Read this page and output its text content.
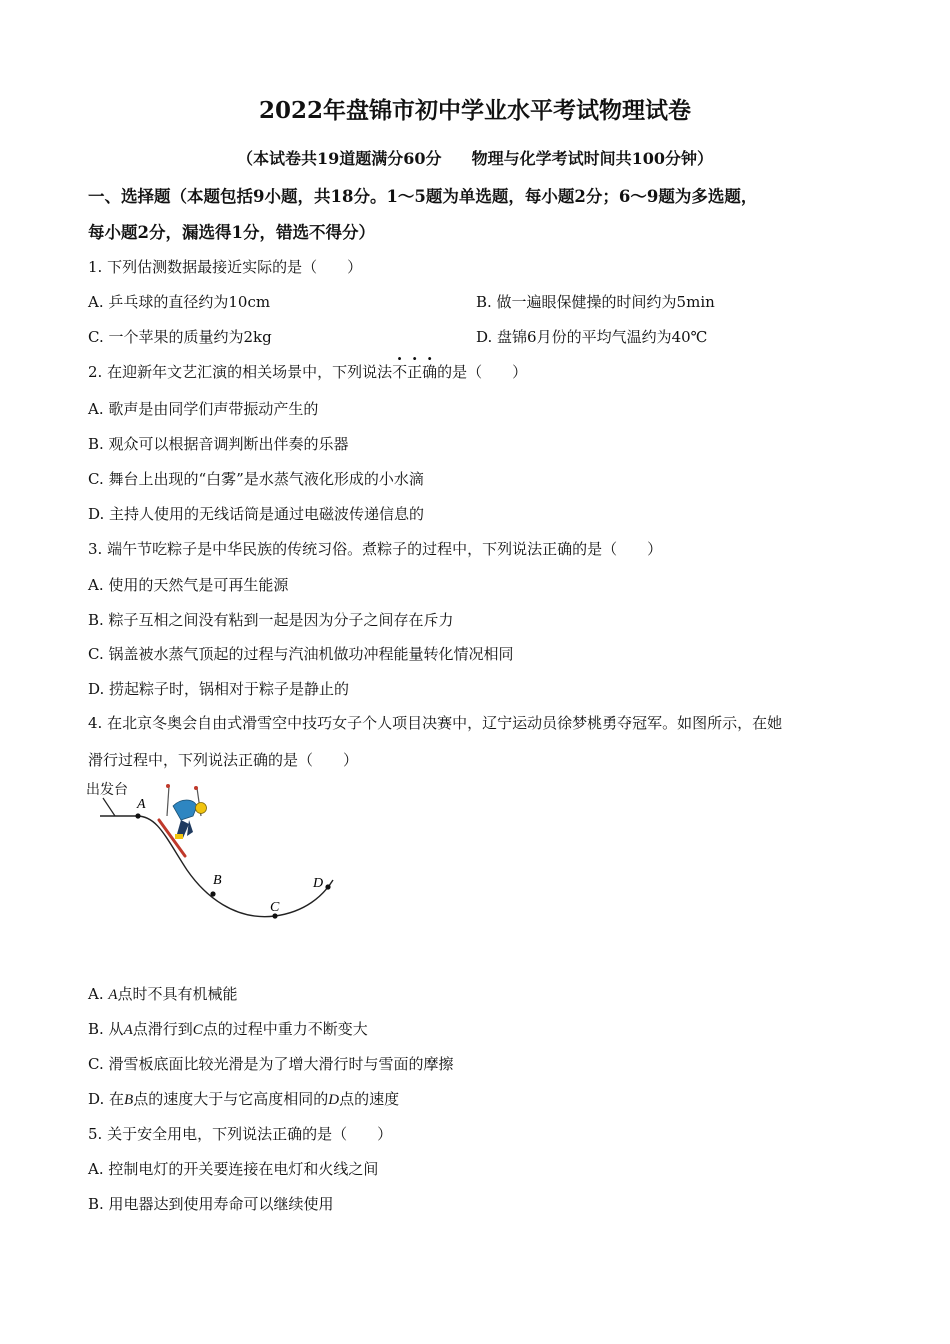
2022年盘锦市初中学业水平考试物理试卷
（本试卷共19道题满分60分 物理与化学考试时间共100分钟）
一、选择题（本题包括9小题，共18分。1～5题为单选题，每小题2分；6～9题为多选题，
每小题2分，漏选得1分，错选不得分）
1. 下列估测数据最接近实际的是（　　）
A. 乒乓球的直径约为10cm	B. 做一遍眼保健操的时间约为5min
C. 一个苹果的质量约为2kg	D. 盘锦6月份的平均气温约为40℃
2. 在迎新年文艺汇演的相关场景中，下列说法不正确的是（　　）
A. 歌声是由同学们声带振动产生的
B. 观众可以根据音调判断出伴奏的乐器
C. 舞台上出现的“白雾”是水蒸气液化形成的小水滴
D. 主持人使用的无线话筒是通过电磁波传递信息的
3. 端午节吃粽子是中华民族的传统习俗。煮粽子的过程中，下列说法正确的是（　　）
A. 使用的天然气是可再生能源
B. 粽子互相之间没有粘到一起是因为分子之间存在斥力
C. 锅盖被水蒸气顶起的过程与汽油机做功冲程能量转化情况相同
D. 捞起粽子时，锅相对于粽子是静止的
4. 在北京冬奥会自由式滑雪空中技巧女子个人项目决赛中，辽宁运动员徐梦桃勇夺冠军。如图所示，在她
滑行过程中，下列说法正确的是（　　）
出发台
A
B
C
D
A. A点时不具有机械能
B. 从A点滑行到C点的过程中重力不断变大
C. 滑雪板底面比较光滑是为了增大滑行时与雪面的摩擦
D. 在B点的速度大于与它高度相同的D点的速度
5. 关于安全用电，下列说法正确的是（　　）
A. 控制电灯的开关要连接在电灯和火线之间
B. 用电器达到使用寿命可以继续使用
